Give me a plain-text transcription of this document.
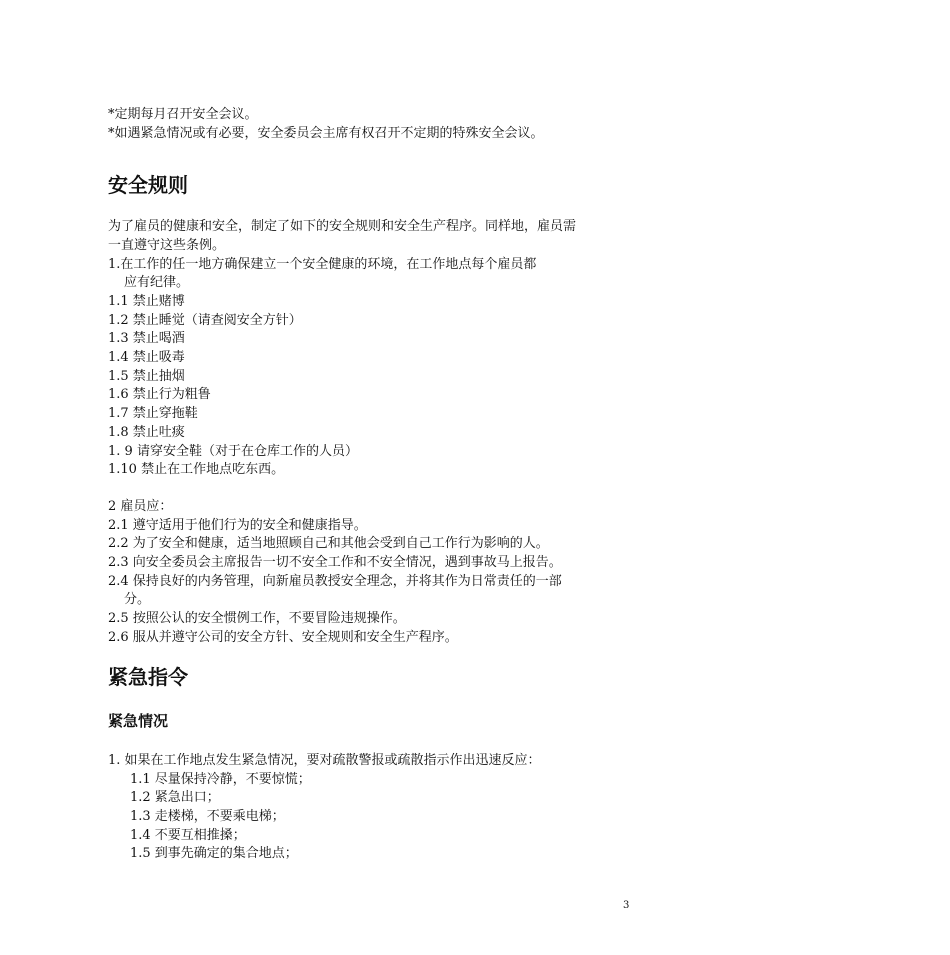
*定期每月召开安全会议。
*如遇紧急情况或有必要，安全委员会主席有权召开不定期的特殊安全会议。
安全规则
为了雇员的健康和安全，制定了如下的安全规则和安全生产程序。同样地，雇员需
一直遵守这些条例。
1.在工作的任一地方确保建立一个安全健康的环境，在工作地点每个雇员都
应有纪律。
1.1 禁止赌博
1.2 禁止睡觉（请查阅安全方针）
1.3 禁止喝酒
1.4 禁止吸毒
1.5 禁止抽烟
1.6 禁止行为粗鲁
1.7 禁止穿拖鞋
1.8 禁止吐痰
1. 9 请穿安全鞋（对于在仓库工作的人员）
1.10 禁止在工作地点吃东西。
2 雇员应：
2.1 遵守适用于他们行为的安全和健康指导。
2.2 为了安全和健康，适当地照顾自己和其他会受到自己工作行为影响的人。
2.3 向安全委员会主席报告一切不安全工作和不安全情况，遇到事故马上报告。
2.4 保持良好的内务管理，向新雇员教授安全理念，并将其作为日常责任的一部
分。
2.5 按照公认的安全惯例工作，不要冒险违规操作。
2.6 服从并遵守公司的安全方针、安全规则和安全生产程序。
紧急指令
紧急情况
1. 如果在工作地点发生紧急情况，要对疏散警报或疏散指示作出迅速反应：
1.1 尽量保持冷静，不要惊慌；
1.2 紧急出口；
1.3 走楼梯，不要乘电梯；
1.4 不要互相推搡；
1.5 到事先确定的集合地点；
3
